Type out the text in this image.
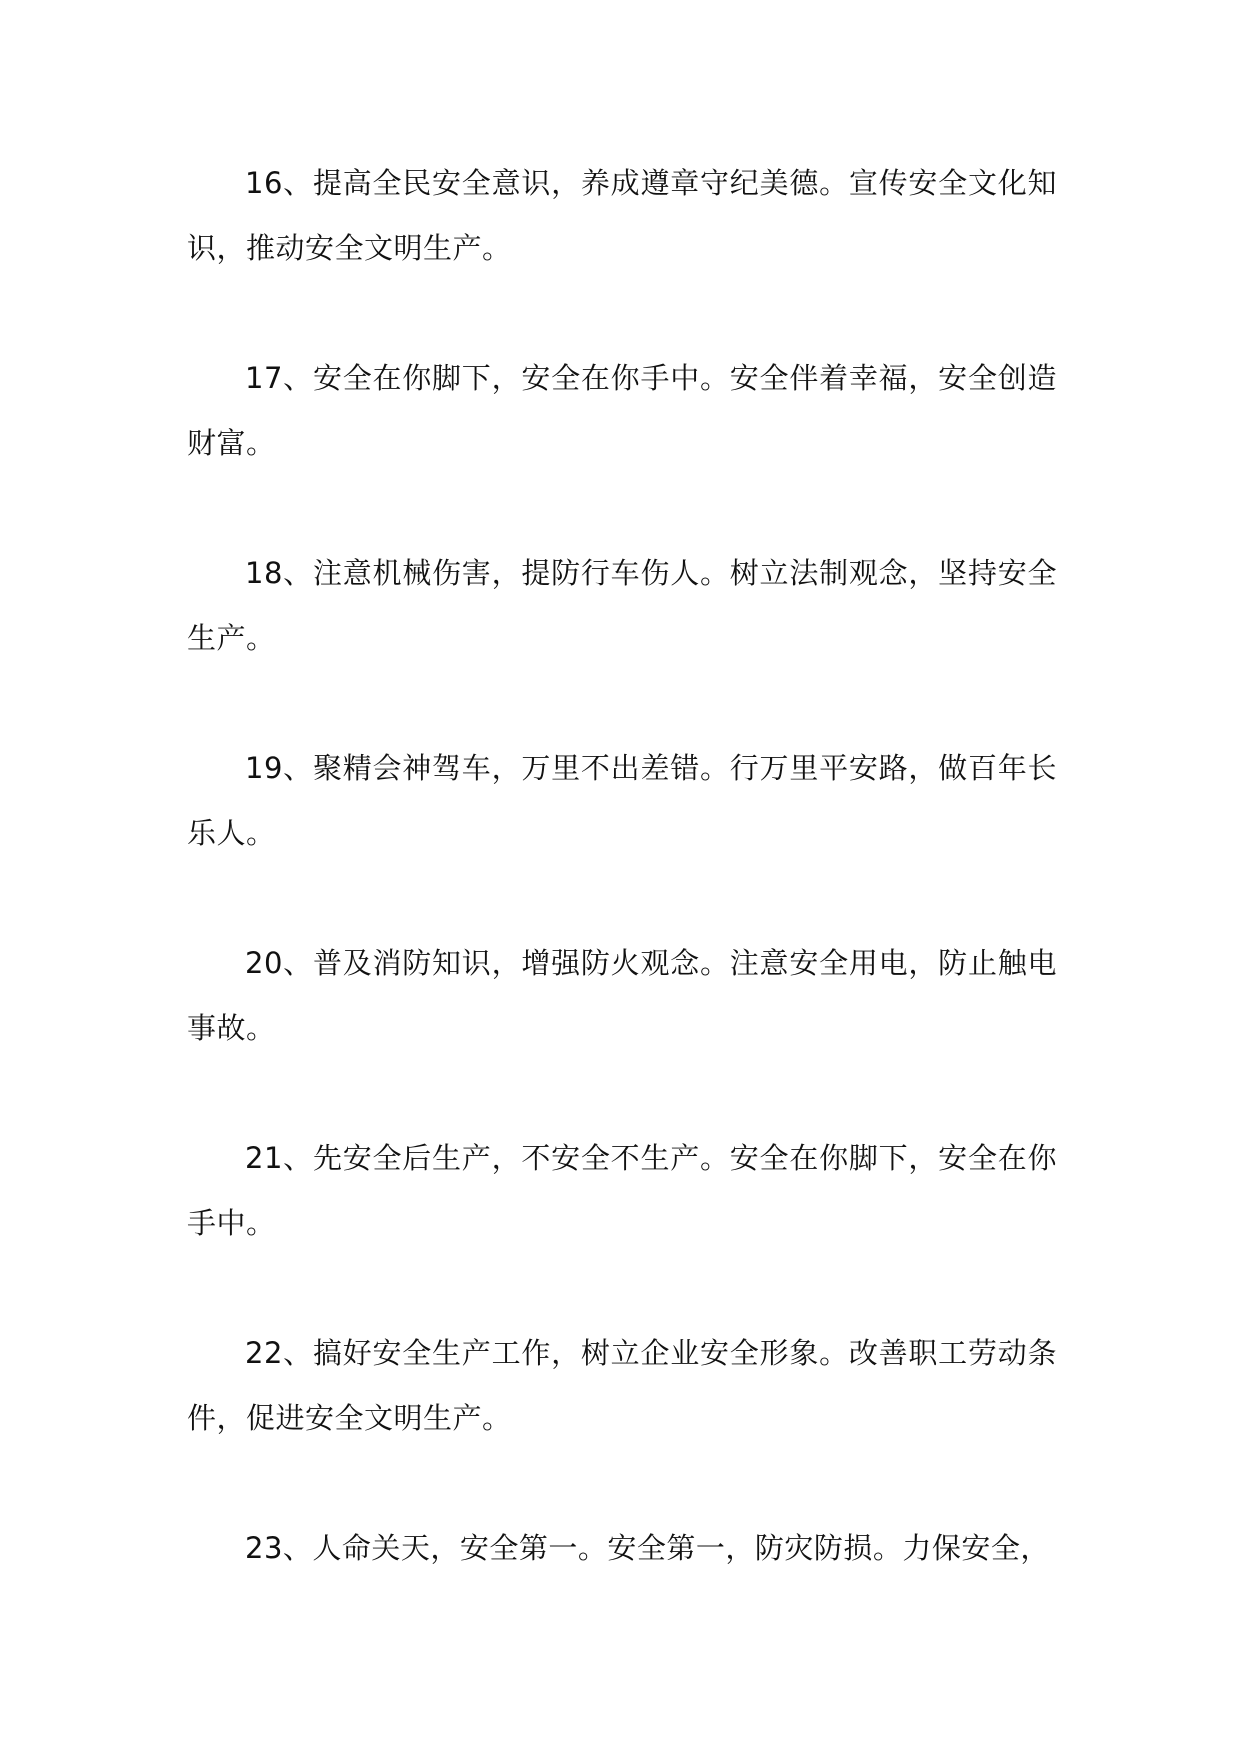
16、提高全民安全意识，养成遵章守纪美德。宣传安全文化知识，推动安全文明生产。

17、安全在你脚下，安全在你手中。安全伴着幸福，安全创造财富。

18、注意机械伤害，提防行车伤人。树立法制观念，坚持安全生产。

19、聚精会神驾车，万里不出差错。行万里平安路，做百年长乐人。

20、普及消防知识，增强防火观念。注意安全用电，防止触电事故。

21、先安全后生产，不安全不生产。安全在你脚下，安全在你手中。

22、搞好安全生产工作，树立企业安全形象。改善职工劳动条件，促进安全文明生产。

23、人命关天，安全第一。安全第一，防灾防损。力保安全，
